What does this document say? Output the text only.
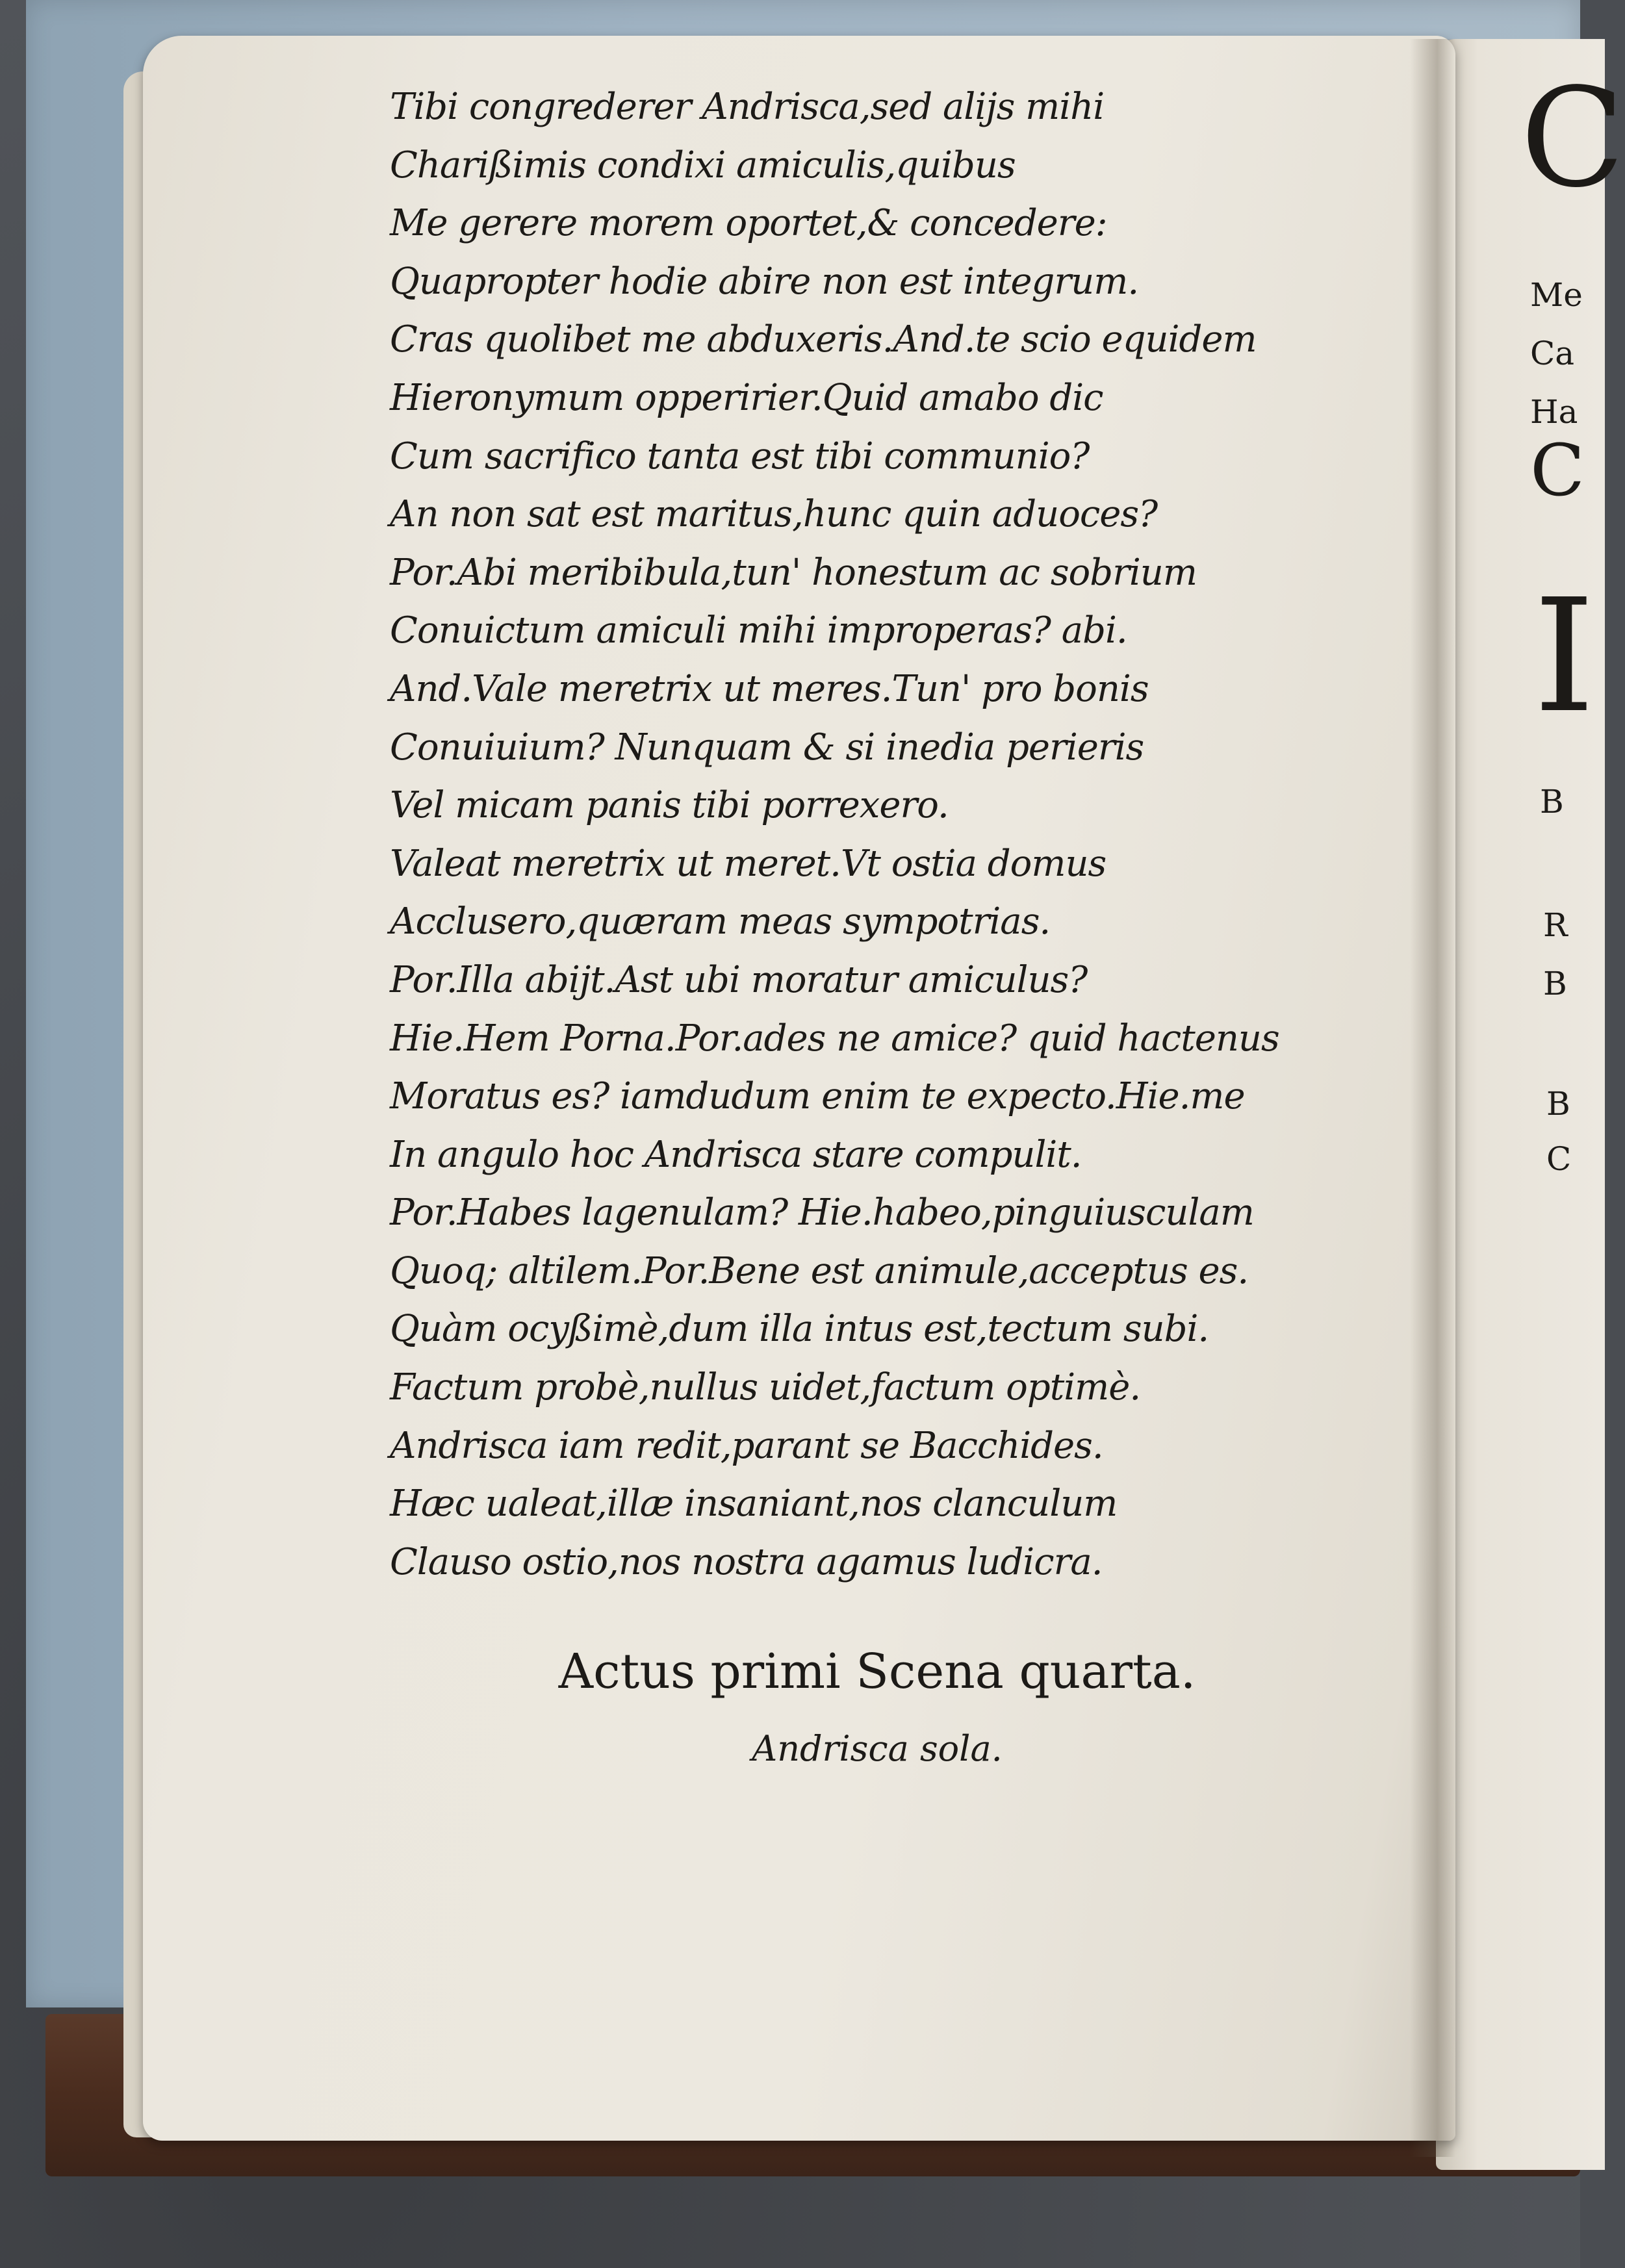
Tibi congrederer Andrisca,sed alijs mihi
Charißimis condixi amiculis,quibus
Me gerere morem oportet,& concedere:
Quapropter hodie abire non est integrum.
Cras quolibet me abduxeris.And.te scio equidem
Hieronymum opperirier.Quid amabo dic
Cum sacrifico tanta est tibi communio?
An non sat est maritus,hunc quin aduoces?
Por.Abi meribibula,tun' honestum ac sobrium
Conuictum amiculi mihi improperas? abi.
And.Vale meretrix ut meres.Tun' pro bonis
Conuiuium? Nunquam & si inedia perieris
Vel micam panis tibi porrexero.
Valeat meretrix ut meret.Vt ostia domus
Acclusero,quæram meas sympotrias.
Por.Illa abijt.Ast ubi moratur amiculus?
Hie.Hem Porna.Por.ades ne amice? quid hactenus
Moratus es? iamdudum enim te expecto.Hie.me
In angulo hoc Andrisca stare compulit.
Por.Habes lagenulam? Hie.habeo,pinguiusculam
Quoq; altilem.Por.Bene est animule,acceptus es.
Quàm ocyßimè,dum illa intus est,tectum subi.
Factum probè,nullus uidet,factum optimè.
Andrisca iam redit,parant se Bacchides.
Hæc ualeat,illæ insaniant,nos clanculum
Clauso ostio,nos nostra agamus ludicra.
Actus primi Scena quarta.

Andrisca sola.

C
Me
Ca
Ha
C
I
B
R
B
B
C
